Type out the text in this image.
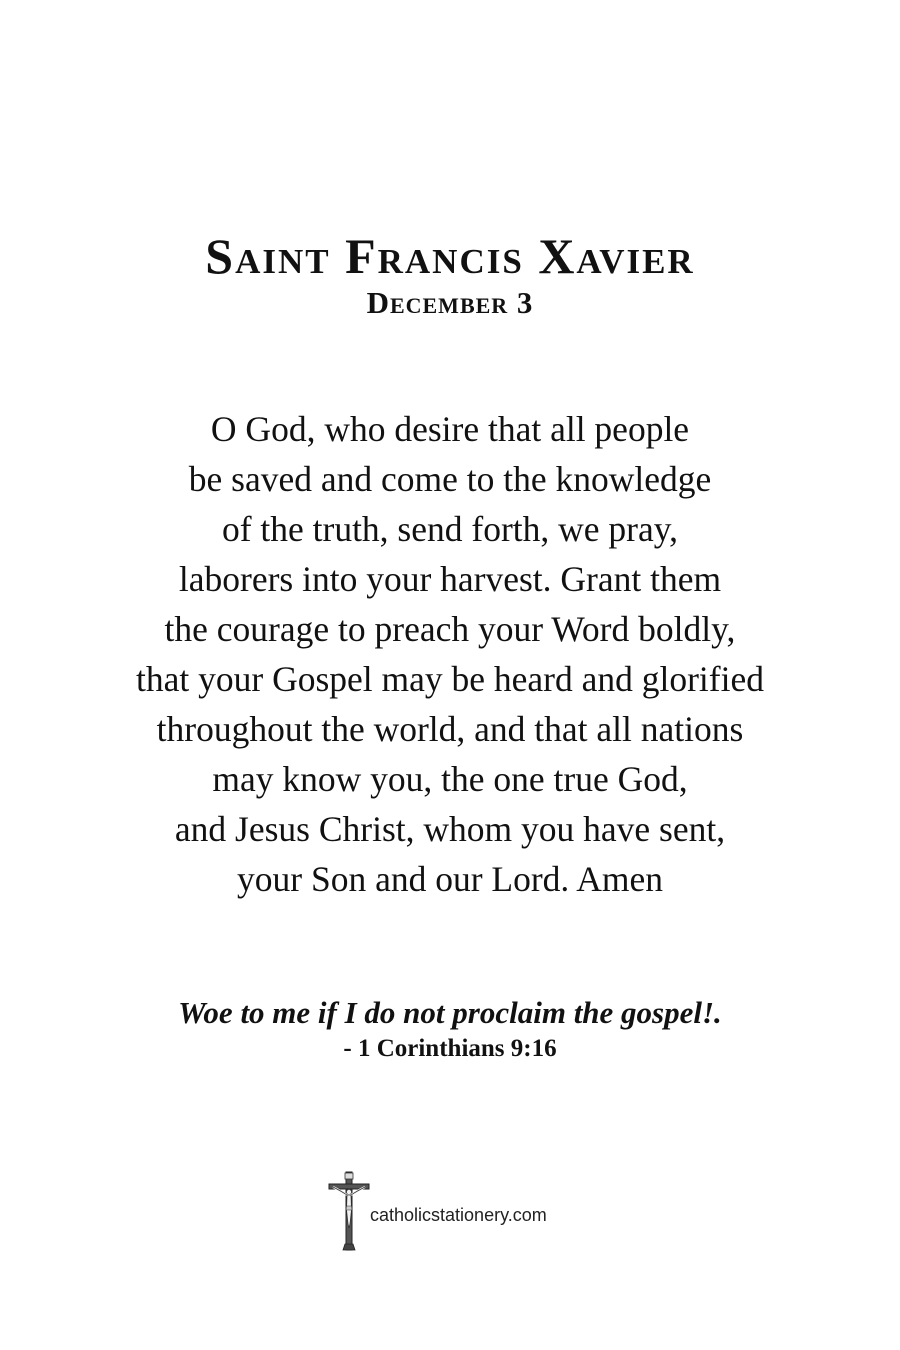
Saint Francis Xavier
December 3
O God, who desire that all people
be saved and come to the knowledge
of the truth, send forth, we pray,
laborers into your harvest. Grant them
the courage to preach your Word boldly,
that your Gospel may be heard and glorified
throughout the world, and that all nations
may know you, the one true God,
and Jesus Christ, whom you have sent,
your Son and our Lord. Amen
Woe to me if I do not proclaim the gospel!.
- 1 Corinthians 9:16
catholicstationery.com
